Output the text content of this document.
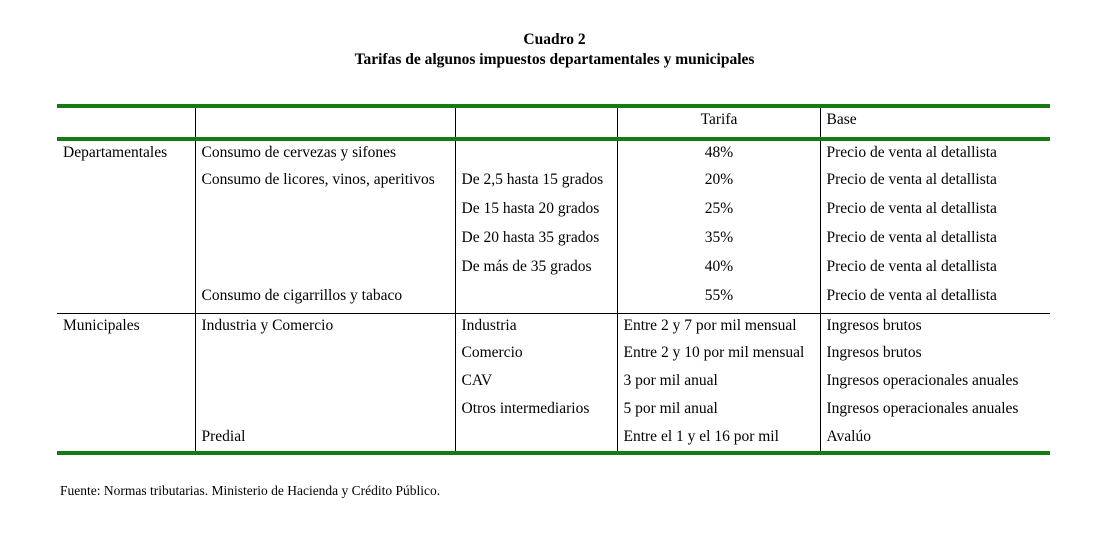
Cuadro 2
Tarifas de algunos impuestos departamentales y municipales
			Tarifa	Base
Departamentales	Consumo de cervezas y sifones		48%	Precio de venta al detallista
	Consumo de licores, vinos, aperitivos	De 2,5 hasta 15 grados	20%	Precio de venta al detallista
		De 15 hasta 20 grados	25%	Precio de venta al detallista
		De 20 hasta 35 grados	35%	Precio de venta al detallista
		De más de 35 grados	40%	Precio de venta al detallista
	Consumo de cigarrillos y tabaco		55%	Precio de venta al detallista
Municipales	Industria y Comercio	Industria	Entre 2 y 7 por mil mensual	Ingresos brutos
		Comercio	Entre 2 y 10 por mil mensual	Ingresos brutos
		CAV	3 por mil anual	Ingresos operacionales anuales
		Otros intermediarios	5 por mil anual	Ingresos operacionales anuales
	Predial		Entre el 1 y el 16 por mil	Avalúo
Fuente: Normas tributarias. Ministerio de Hacienda y Crédito Público.
